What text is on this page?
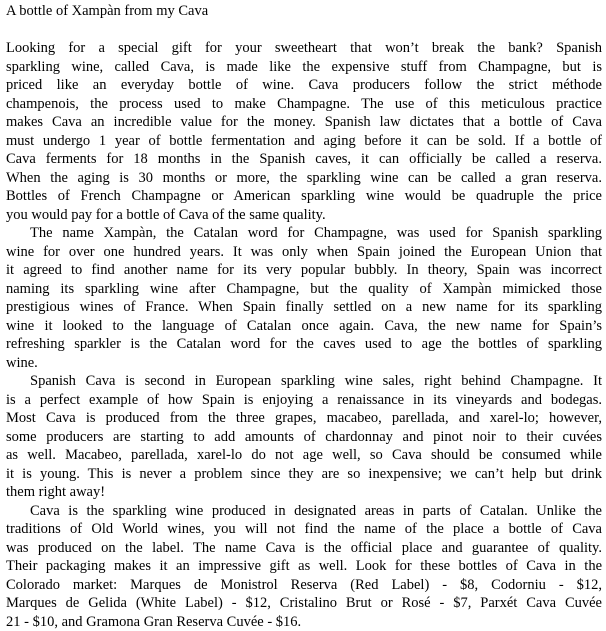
A bottle of Xampàn from my Cava

Looking for a special gift for your sweetheart that won’t break the bank? Spanish
sparkling wine, called Cava, is made like the expensive stuff from Champagne, but is
priced like an everyday bottle of wine. Cava producers follow the strict méthode
champenois, the process used to make Champagne. The use of this meticulous practice
makes Cava an incredible value for the money. Spanish law dictates that a bottle of Cava
must undergo 1 year of bottle fermentation and aging before it can be sold. If a bottle of
Cava ferments for 18 months in the Spanish caves, it can officially be called a reserva.
When the aging is 30 months or more, the sparkling wine can be called a gran reserva.
Bottles of French Champagne or American sparkling wine would be quadruple the price
you would pay for a bottle of Cava of the same quality.

The name Xampàn, the Catalan word for Champagne, was used for Spanish sparkling
wine for over one hundred years. It was only when Spain joined the European Union that
it agreed to find another name for its very popular bubbly. In theory, Spain was incorrect
naming its sparkling wine after Champagne, but the quality of Xampàn mimicked those
prestigious wines of France. When Spain finally settled on a new name for its sparkling
wine it looked to the language of Catalan once again. Cava, the new name for Spain’s
refreshing sparkler is the Catalan word for the caves used to age the bottles of sparkling
wine.

Spanish Cava is second in European sparkling wine sales, right behind Champagne. It
is a perfect example of how Spain is enjoying a renaissance in its vineyards and bodegas.
Most Cava is produced from the three grapes, macabeo, parellada, and xarel-lo; however,
some producers are starting to add amounts of chardonnay and pinot noir to their cuvées
as well. Macabeo, parellada, xarel-lo do not age well, so Cava should be consumed while
it is young. This is never a problem since they are so inexpensive; we can’t help but drink
them right away!

Cava is the sparkling wine produced in designated areas in parts of Catalan. Unlike the
traditions of Old World wines, you will not find the name of the place a bottle of Cava
was produced on the label. The name Cava is the official place and guarantee of quality.
Their packaging makes it an impressive gift as well. Look for these bottles of Cava in the
Colorado market: Marques de Monistrol Reserva (Red Label) - $8, Codorniu - $12,
Marques de Gelida (White Label) - $12, Cristalino Brut or Rosé - $7, Parxét Cava Cuvée
21 - $10, and Gramona Gran Reserva Cuvée - $16.
